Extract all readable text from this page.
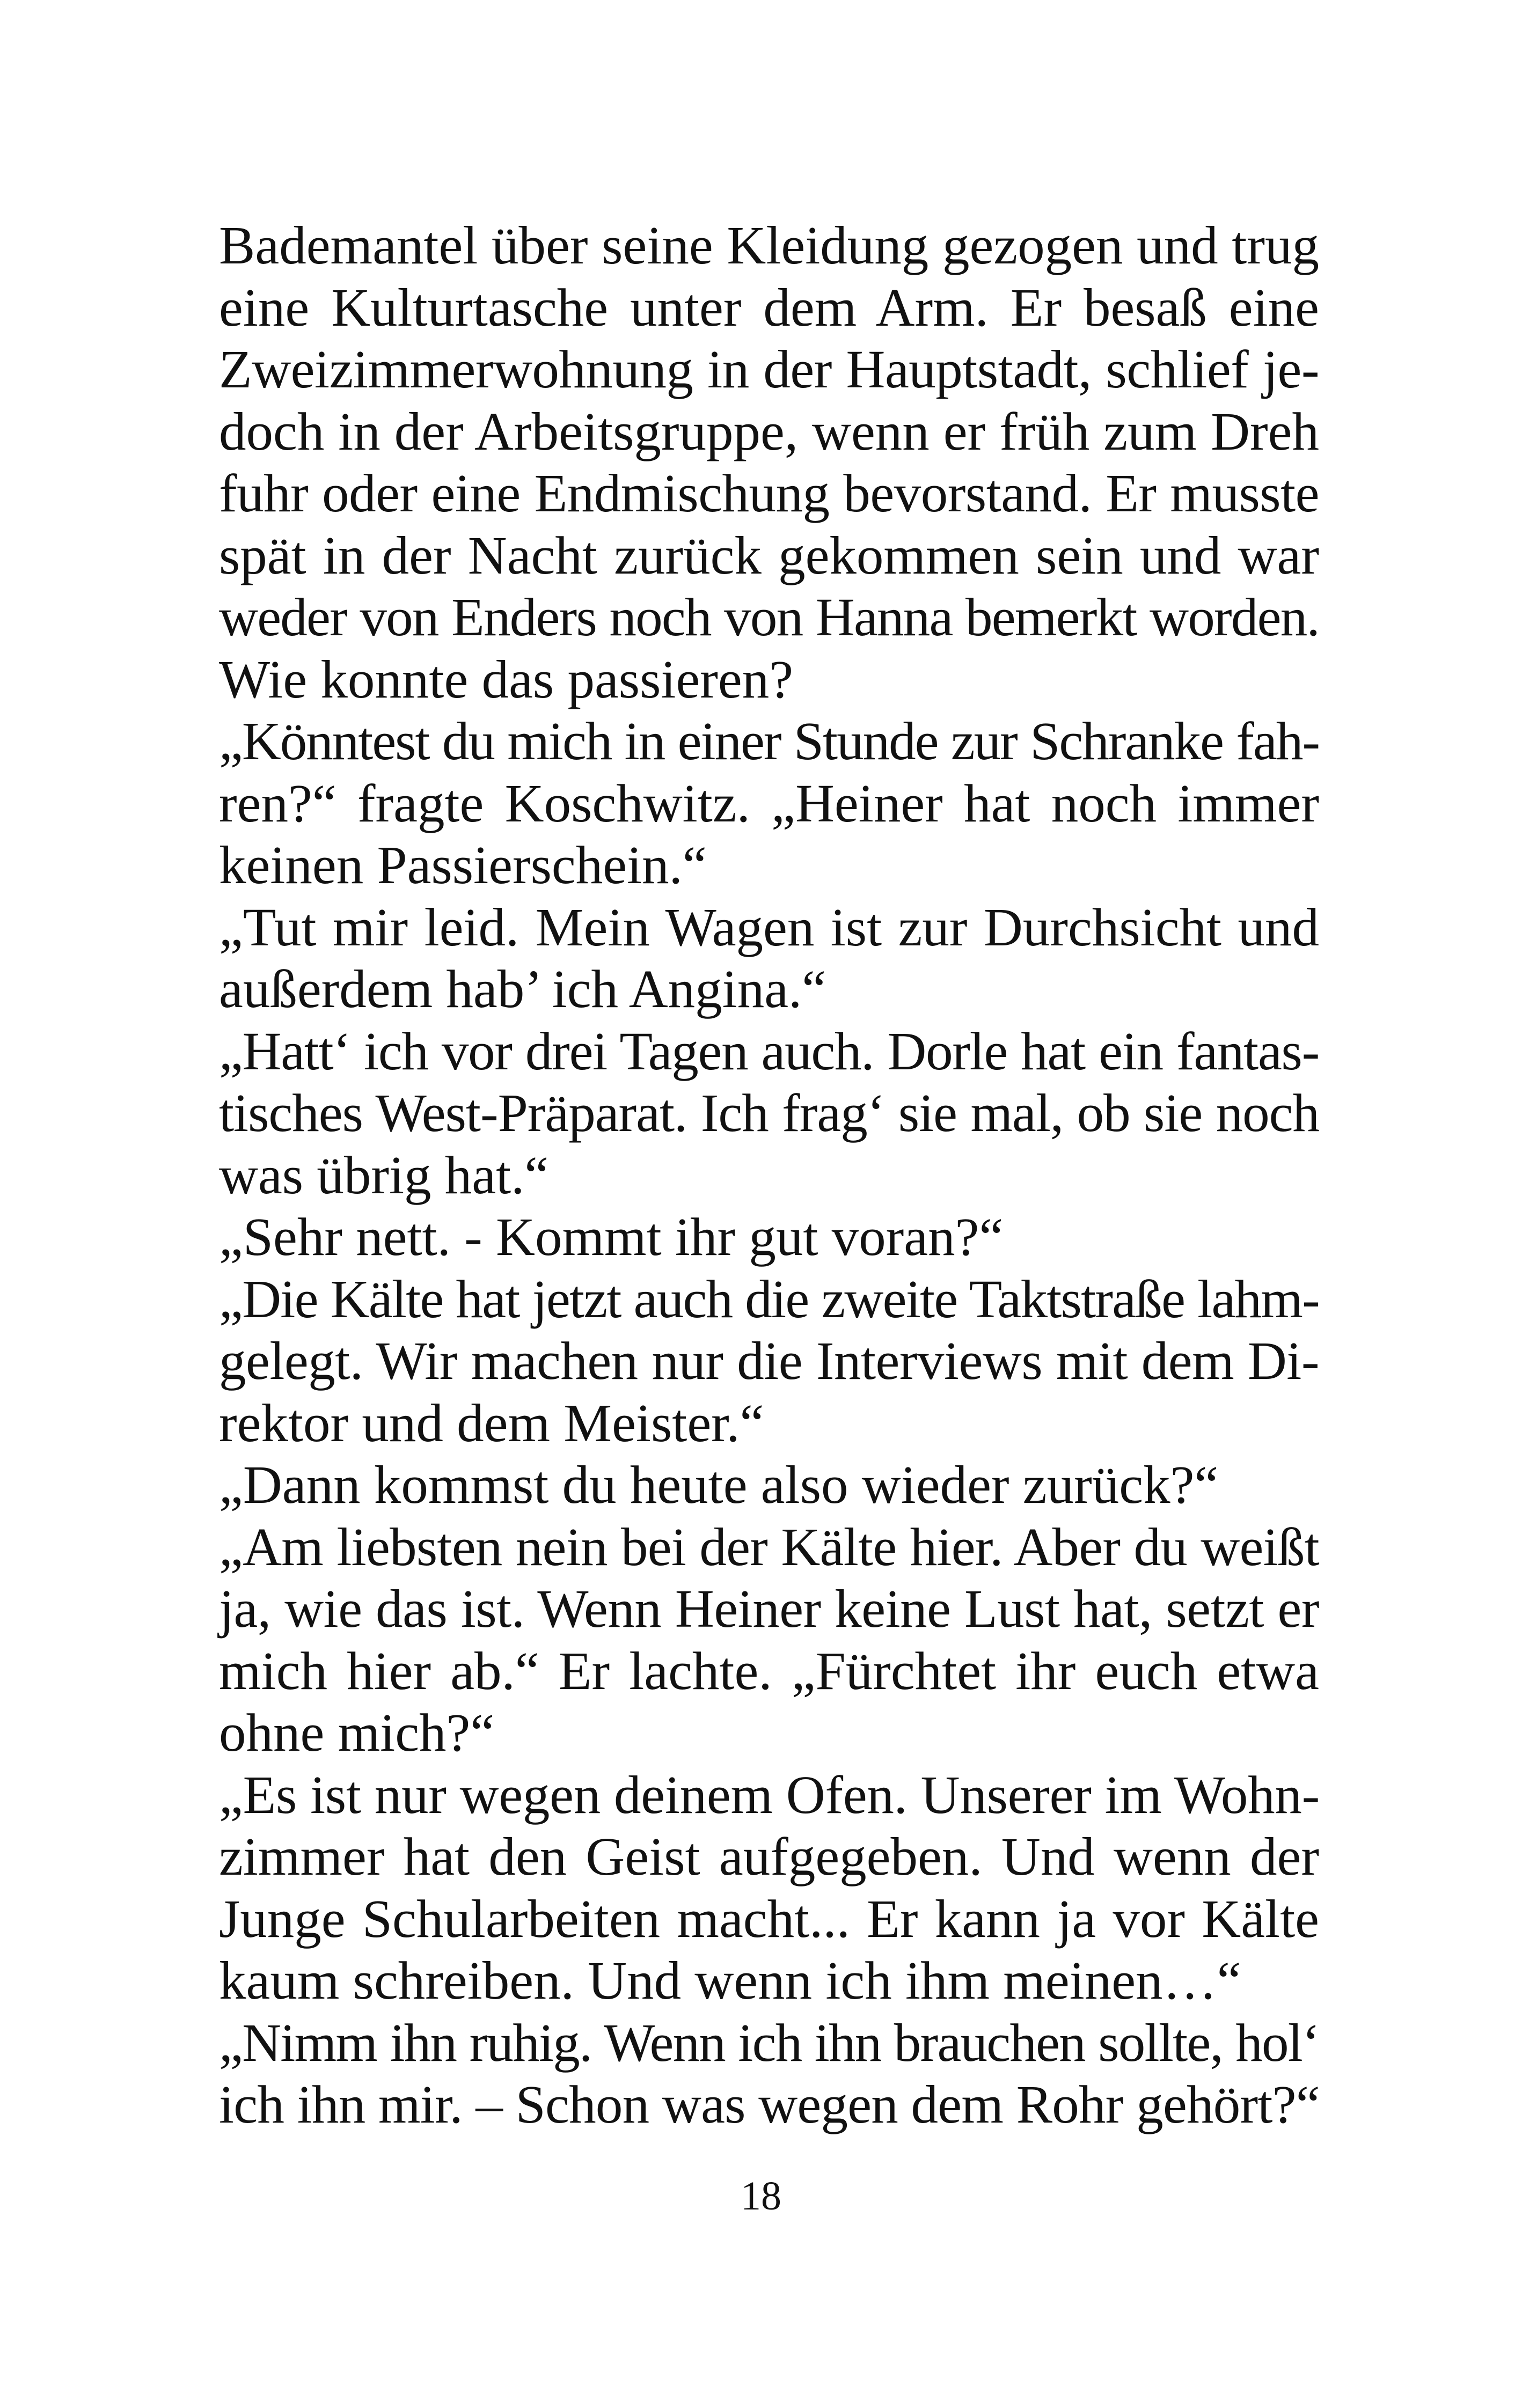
Bademantel über seine Kleidung gezogen und trug
eine Kulturtasche unter dem Arm. Er besaß eine
Zweizimmerwohnung in der Hauptstadt, schlief je-
doch in der Arbeitsgruppe, wenn er früh zum Dreh
fuhr oder eine Endmischung bevorstand. Er musste
spät in der Nacht zurück gekommen sein und war
weder von Enders noch von Hanna bemerkt worden.
Wie konnte das passieren?
„Könntest du mich in einer Stunde zur Schranke fah-
ren?“ fragte Koschwitz. „Heiner hat noch immer
keinen Passierschein.“
„Tut mir leid. Mein Wagen ist zur Durchsicht und
außerdem hab’ ich Angina.“
„Hatt‘ ich vor drei Tagen auch. Dorle hat ein fantas-
tisches West-Präparat. Ich frag‘ sie mal, ob sie noch
was übrig hat.“
„Sehr nett. - Kommt ihr gut voran?“
„Die Kälte hat jetzt auch die zweite Taktstraße lahm-
gelegt. Wir machen nur die Interviews mit dem Di-
rektor und dem Meister.“
„Dann kommst du heute also wieder zurück?“
„Am liebsten nein bei der Kälte hier. Aber du weißt
ja, wie das ist. Wenn Heiner keine Lust hat, setzt er
mich hier ab.“ Er lachte. „Fürchtet ihr euch etwa
ohne mich?“
„Es ist nur wegen deinem Ofen. Unserer im Wohn-
zimmer hat den Geist aufgegeben. Und wenn der
Junge Schularbeiten macht... Er kann ja vor Kälte
kaum schreiben. Und wenn ich ihm meinen…“
„Nimm ihn ruhig. Wenn ich ihn brauchen sollte, hol‘
ich ihn mir. – Schon was wegen dem Rohr gehört?“
18
